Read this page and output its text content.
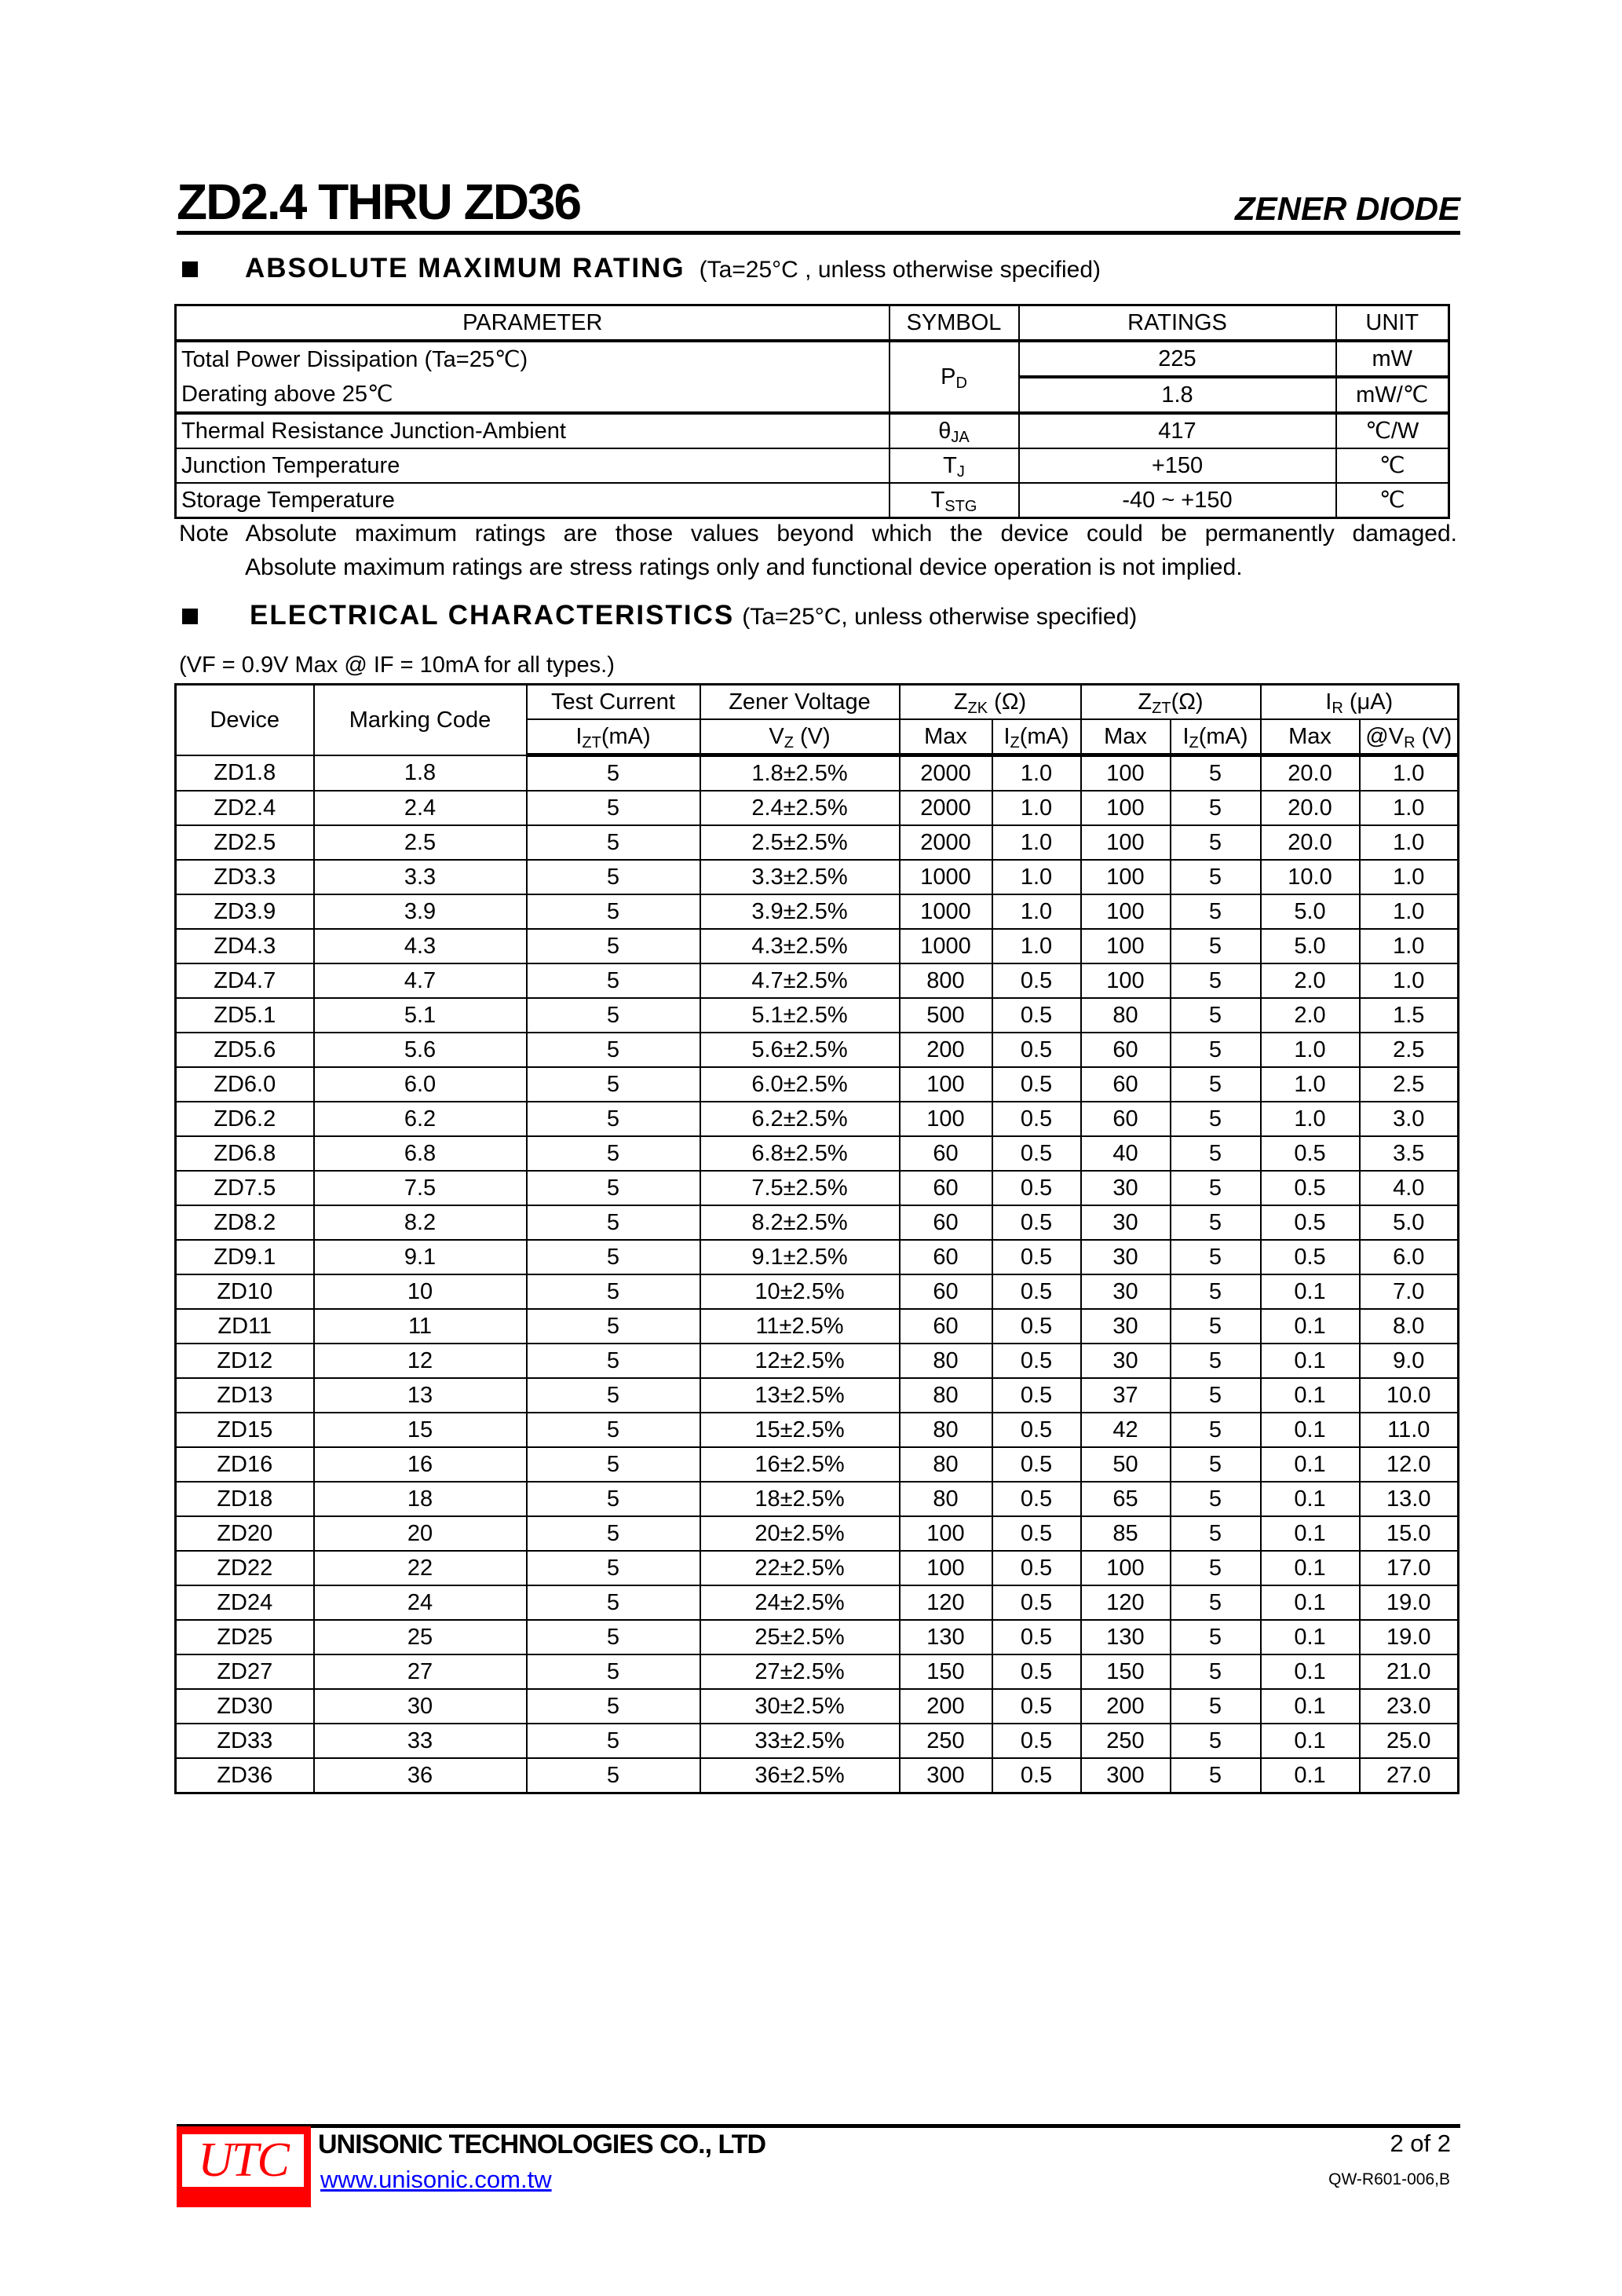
ZD2.4 THRU ZD36	ZENER DIODE
ABSOLUTE MAXIMUM RATING (Ta=25°C , unless otherwise specified)
PARAMETER	SYMBOL	RATINGS	UNIT
Total Power Dissipation (Ta=25℃)	$P_D$	225	mW
Derating above 25℃		1.8	mW/℃
Thermal Resistance Junction-Ambient	$\theta_{JA}$	417	℃/W
Junction Temperature	$T_J$	+150	℃
Storage Temperature	$T_{STG}$	-40 ~ +150	℃
Note Absolute maximum ratings are those values beyond which the device could be permanently damaged.
Absolute maximum ratings are stress ratings only and functional device operation is not implied.
ELECTRICAL CHARACTERISTICS (Ta=25°C, unless otherwise specified)
(VF = 0.9V Max @ IF = 10mA for all types.)
Device	Marking Code	Test Current	Zener Voltage	$Z_{ZK}$ (Ω)		$Z_{ZT}(\Omega)$		$I_R$ (μA)	
		$I_{ZT}(mA)$	$V_Z$ (V)	Max	$I_Z(mA)$	Max	$I_Z(mA)$	Max	$@V_R$ (V)
ZD1.8	1.8	5	1.8±2.5%	2000	1.0	100	5	20.0	1.0
ZD2.4	2.4	5	2.4±2.5%	2000	1.0	100	5	20.0	1.0
ZD2.5	2.5	5	2.5±2.5%	2000	1.0	100	5	20.0	1.0
ZD3.3	3.3	5	3.3±2.5%	1000	1.0	100	5	10.0	1.0
ZD3.9	3.9	5	3.9±2.5%	1000	1.0	100	5	5.0	1.0
ZD4.3	4.3	5	4.3±2.5%	1000	1.0	100	5	5.0	1.0
ZD4.7	4.7	5	4.7±2.5%	800	0.5	100	5	2.0	1.0
ZD5.1	5.1	5	5.1±2.5%	500	0.5	80	5	2.0	1.5
ZD5.6	5.6	5	5.6±2.5%	200	0.5	60	5	1.0	2.5
ZD6.0	6.0	5	6.0±2.5%	100	0.5	60	5	1.0	2.5
ZD6.2	6.2	5	6.2±2.5%	100	0.5	60	5	1.0	3.0
ZD6.8	6.8	5	6.8±2.5%	60	0.5	40	5	0.5	3.5
ZD7.5	7.5	5	7.5±2.5%	60	0.5	30	5	0.5	4.0
ZD8.2	8.2	5	8.2±2.5%	60	0.5	30	5	0.5	5.0
ZD9.1	9.1	5	9.1±2.5%	60	0.5	30	5	0.5	6.0
ZD10	10	5	10±2.5%	60	0.5	30	5	0.1	7.0
ZD11	11	5	11±2.5%	60	0.5	30	5	0.1	8.0
ZD12	12	5	12±2.5%	80	0.5	30	5	0.1	9.0
ZD13	13	5	13±2.5%	80	0.5	37	5	0.1	10.0
ZD15	15	5	15±2.5%	80	0.5	42	5	0.1	11.0
ZD16	16	5	16±2.5%	80	0.5	50	5	0.1	12.0
ZD18	18	5	18±2.5%	80	0.5	65	5	0.1	13.0
ZD20	20	5	20±2.5%	100	0.5	85	5	0.1	15.0
ZD22	22	5	22±2.5%	100	0.5	100	5	0.1	17.0
ZD24	24	5	24±2.5%	120	0.5	120	5	0.1	19.0
ZD25	25	5	25±2.5%	130	0.5	130	5	0.1	19.0
ZD27	27	5	27±2.5%	150	0.5	150	5	0.1	21.0
ZD30	30	5	30±2.5%	200	0.5	200	5	0.1	23.0
ZD33	33	5	33±2.5%	250	0.5	250	5	0.1	25.0
ZD36	36	5	36±2.5%	300	0.5	300	5	0.1	27.0
UTC	UNISONIC TECHNOLOGIES CO., LTD
www.unisonic.com.tw
2 of 2
QW-R601-006,B
